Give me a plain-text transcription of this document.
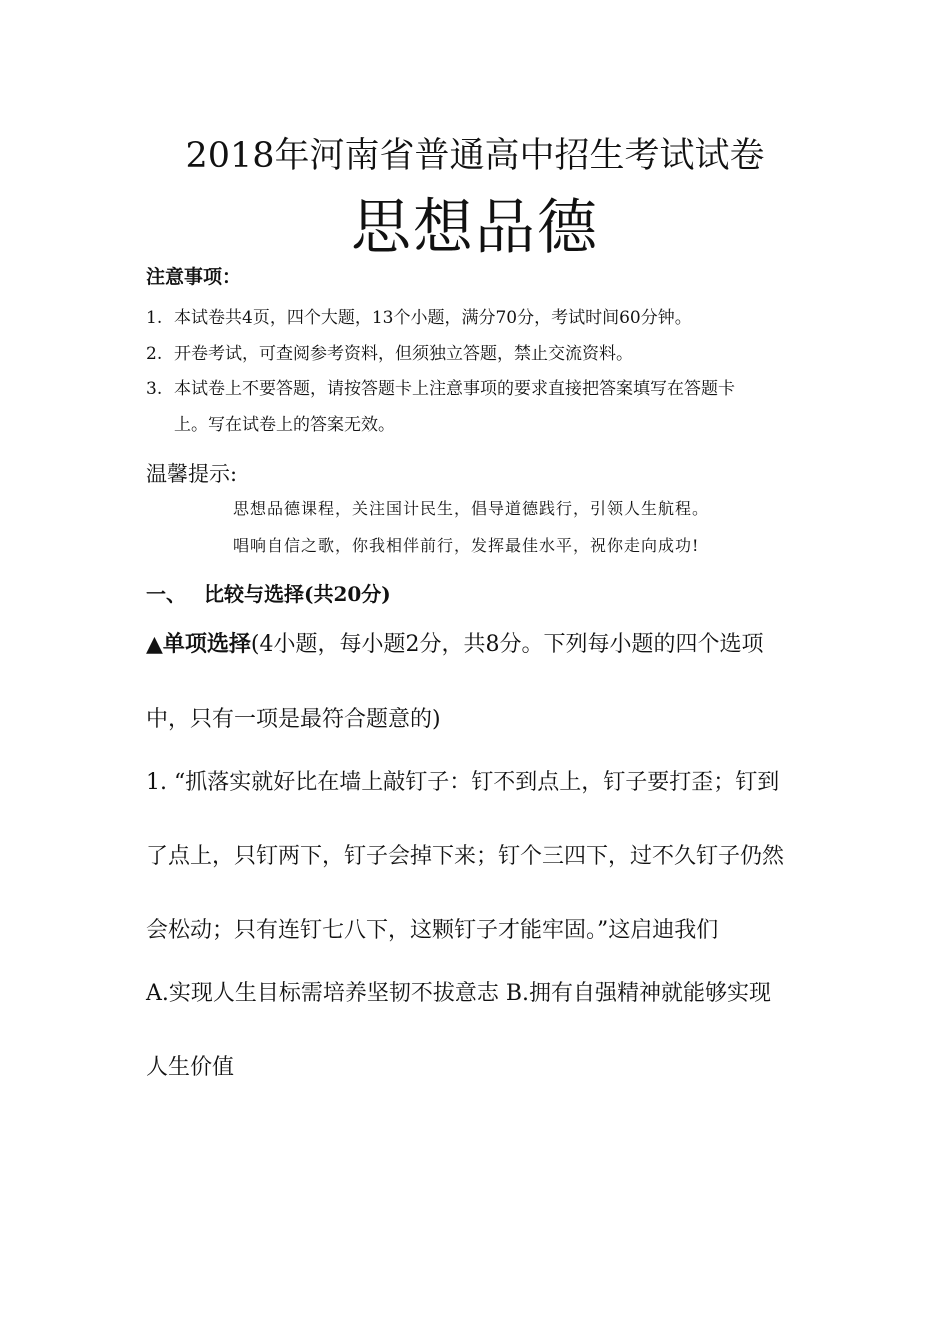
2018年河南省普通高中招生考试试卷
思想品德
注意事项：
1. 本试卷共4页，四个大题，13个小题，满分70分，考试时间60分钟。
2. 开卷考试，可查阅参考资料，但须独立答题，禁止交流资料。
3. 本试卷上不要答题，请按答题卡上注意事项的要求直接把答案填写在答题卡
上。写在试卷上的答案无效。
温馨提示:
思想品德课程，关注国计民生，倡导道德践行，引领人生航程。
唱响自信之歌，你我相伴前行，发挥最佳水平，祝你走向成功!
一、 比较与选择(共20分)
▲单项选择(4小题，每小题2分，共8分。下列每小题的四个选项
中，只有一项是最符合题意的)
1. “抓落实就好比在墙上敲钉子：钉不到点上，钉子要打歪；钉到
了点上，只钉两下，钉子会掉下来；钉个三四下，过不久钉子仍然
会松动；只有连钉七八下，这颗钉子才能牢固。”这启迪我们
A.实现人生目标需培养坚韧不拔意志 B.拥有自强精神就能够实现
人生价值
